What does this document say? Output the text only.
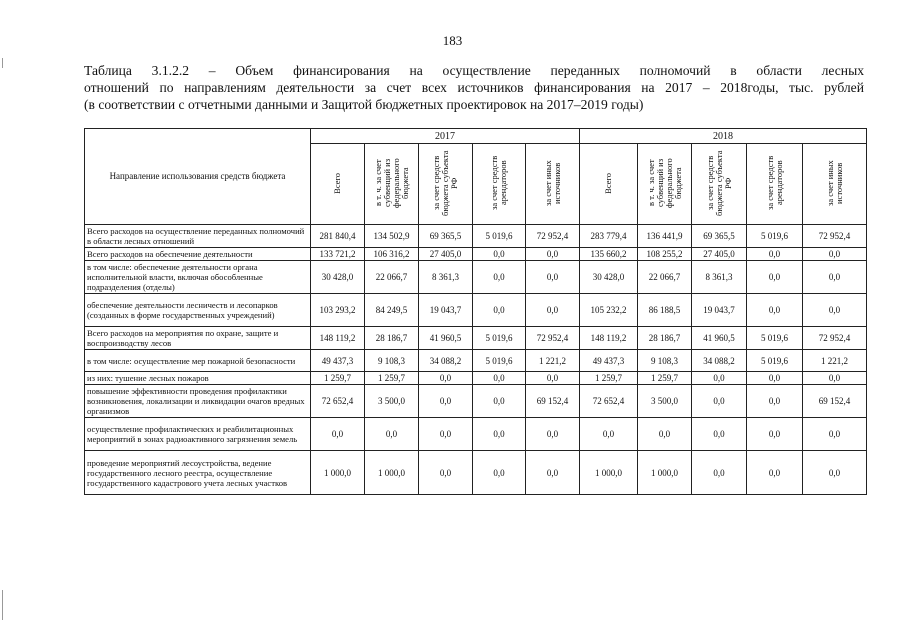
183
Таблица 3.1.2.2 – Объем финансирования на осуществление переданных полномочий в области лесных
отношений по направлениям деятельности за счет всех источников финансирования на 2017 – 2018годы, тыс. рублей
(в соответствии с отчетными данными и Защитой бюджетных проектировок на 2017–2019 годы)
Направление использования средств бюджета	2017					2018				
	Всего	в т. ч. за счет субвенций из федерального бюджета	за счет средств бюджета субъекта РФ	за счет средств арендаторов	за счет иных источников	Всего	в т. ч. за счет субвенций из федерального бюджета	за счет средств бюджета субъекта РФ	за счет средств арендаторов	за счет иных источников
Всего расходов на осуществление переданных полномочий в области лесных отношений	281 840,4	134 502,9	69 365,5	5 019,6	72 952,4	283 779,4	136 441,9	69 365,5	5 019,6	72 952,4
Всего расходов на обеспечение деятельности	133 721,2	106 316,2	27 405,0	0,0	0,0	135 660,2	108 255,2	27 405,0	0,0	0,0
в том числе: обеспечение деятельности органа исполнительной власти, включая обособленные подразделения (отделы)	30 428,0	22 066,7	8 361,3	0,0	0,0	30 428,0	22 066,7	8 361,3	0,0	0,0
обеспечение деятельности лесничеств и лесопарков (созданных в форме государственных учреждений)	103 293,2	84 249,5	19 043,7	0,0	0,0	105 232,2	86 188,5	19 043,7	0,0	0,0
Всего расходов на мероприятия по охране, защите и воспроизводству лесов	148 119,2	28 186,7	41 960,5	5 019,6	72 952,4	148 119,2	28 186,7	41 960,5	5 019,6	72 952,4
в том числе: осуществление мер пожарной безопасности	49 437,3	9 108,3	34 088,2	5 019,6	1 221,2	49 437,3	9 108,3	34 088,2	5 019,6	1 221,2
из них: тушение лесных пожаров	1 259,7	1 259,7	0,0	0,0	0,0	1 259,7	1 259,7	0,0	0,0	0,0
повышение эффективности проведения профилактики возникновения, локализации и ликвидации очагов вредных организмов	72 652,4	3 500,0	0,0	0,0	69 152,4	72 652,4	3 500,0	0,0	0,0	69 152,4
осуществление профилактических и реабилитационных мероприятий в зонах радиоактивного загрязнения земель	0,0	0,0	0,0	0,0	0,0	0,0	0,0	0,0	0,0	0,0
проведение мероприятий лесоустройства, ведение государственного лесного реестра, осуществление государственного кадастрового учета лесных участков	1 000,0	1 000,0	0,0	0,0	0,0	1 000,0	1 000,0	0,0	0,0	0,0
